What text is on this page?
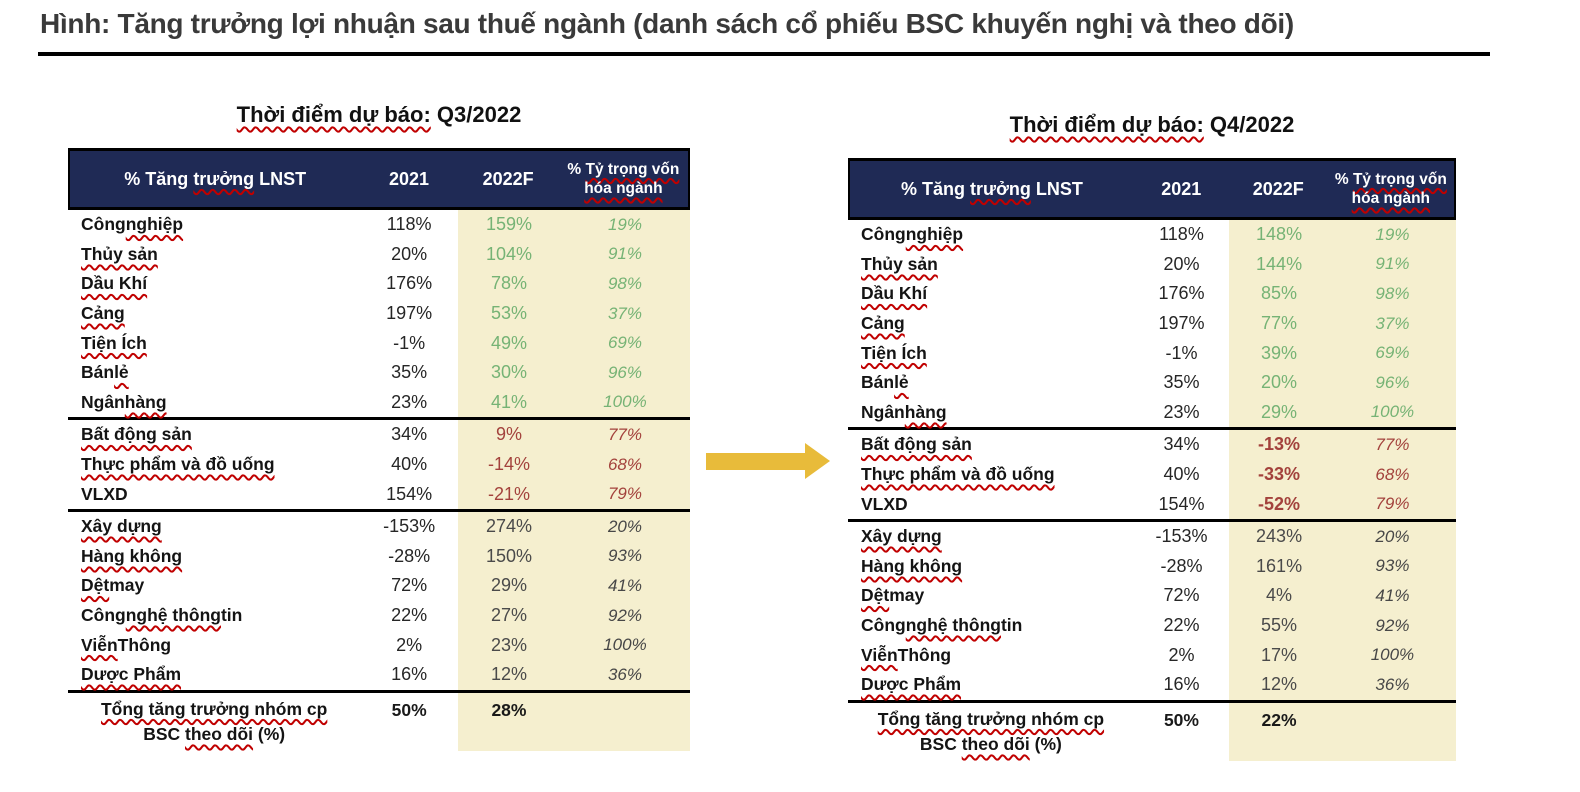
Hình: Tăng trưởng lợi nhuận sau thuế ngành (danh sách cổ phiếu BSC khuyến nghị và theo dõi)
Thời điểm dự báo: Q3/2022
% Tăng trưởng LNST	2021	2022F	% Tỷ trọng vốn hóa ngành
Công nghiệp	118%	159%	19%
Thủy sản	20%	104%	91%
Dầu Khí	176%	78%	98%
Cảng	197%	53%	37%
Tiện Ích	-1%	49%	69%
Bán lẻ	35%	30%	96%
Ngân hàng	23%	41%	100%
Bất động sản	34%	9%	77%
Thực phẩm và đồ uống	40%	-14%	68%
VLXD	154%	-21%	79%
Xây dựng	-153%	274%	20%
Hàng không	-28%	150%	93%
Dệt may	72%	29%	41%
Công nghệ thông tin	22%	27%	92%
Viễn Thông	2%	23%	100%
Dược Phẩm	16%	12%	36%
Tổng tăng trưởng nhóm cp
BSC theo dõi (%)
50%	28%
Thời điểm dự báo: Q4/2022
% Tăng trưởng LNST	2021	2022F	% Tỷ trọng vốn hóa ngành
Công nghiệp	118%	148%	19%
Thủy sản	20%	144%	91%
Dầu Khí	176%	85%	98%
Cảng	197%	77%	37%
Tiện Ích	-1%	39%	69%
Bán lẻ	35%	20%	96%
Ngân hàng	23%	29%	100%
Bất động sản	34%	-13%	77%
Thực phẩm và đồ uống	40%	-33%	68%
VLXD	154%	-52%	79%
Xây dựng	-153%	243%	20%
Hàng không	-28%	161%	93%
Dệt may	72%	4%	41%
Công nghệ thông tin	22%	55%	92%
Viễn Thông	2%	17%	100%
Dược Phẩm	16%	12%	36%
Tổng tăng trưởng nhóm cp
BSC theo dõi (%)
50%	22%
